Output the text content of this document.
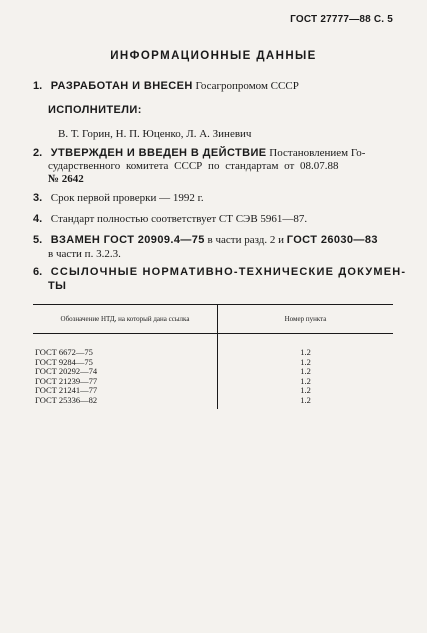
ГОСТ 27777—88 С. 5
ИНФОРМАЦИОННЫЕ ДАННЫЕ
1. РАЗРАБОТАН И ВНЕСЕН Госагропромом СССР
ИСПОЛНИТЕЛИ:
В. Т. Горин, Н. П. Юценко, Л. А. Зиневич
2. УТВЕРЖДЕН И ВВЕДЕН В ДЕЙСТВИЕ Постановлением Го-
сударственного комитета СССР по стандартам от 08.07.88
№ 2642
3. Срок первой проверки — 1992 г.
4. Стандарт полностью соответствует СТ СЭВ 5961—87.
5. ВЗАМЕН ГОСТ 20909.4—75 в части разд. 2 и ГОСТ 26030—83
в части п. 3.2.3.
6. ССЫЛОЧНЫЕ НОРМАТИВНО-ТЕХНИЧЕСКИЕ ДОКУМЕН-
ТЫ
Обозначение НТД, на который дана ссылка	Номер пункта
ГОСТ 6672—75	1.2
ГОСТ 9284—75	1.2
ГОСТ 20292—74	1.2
ГОСТ 21239—77	1.2
ГОСТ 21241—77	1.2
ГОСТ 25336—82	1.2
